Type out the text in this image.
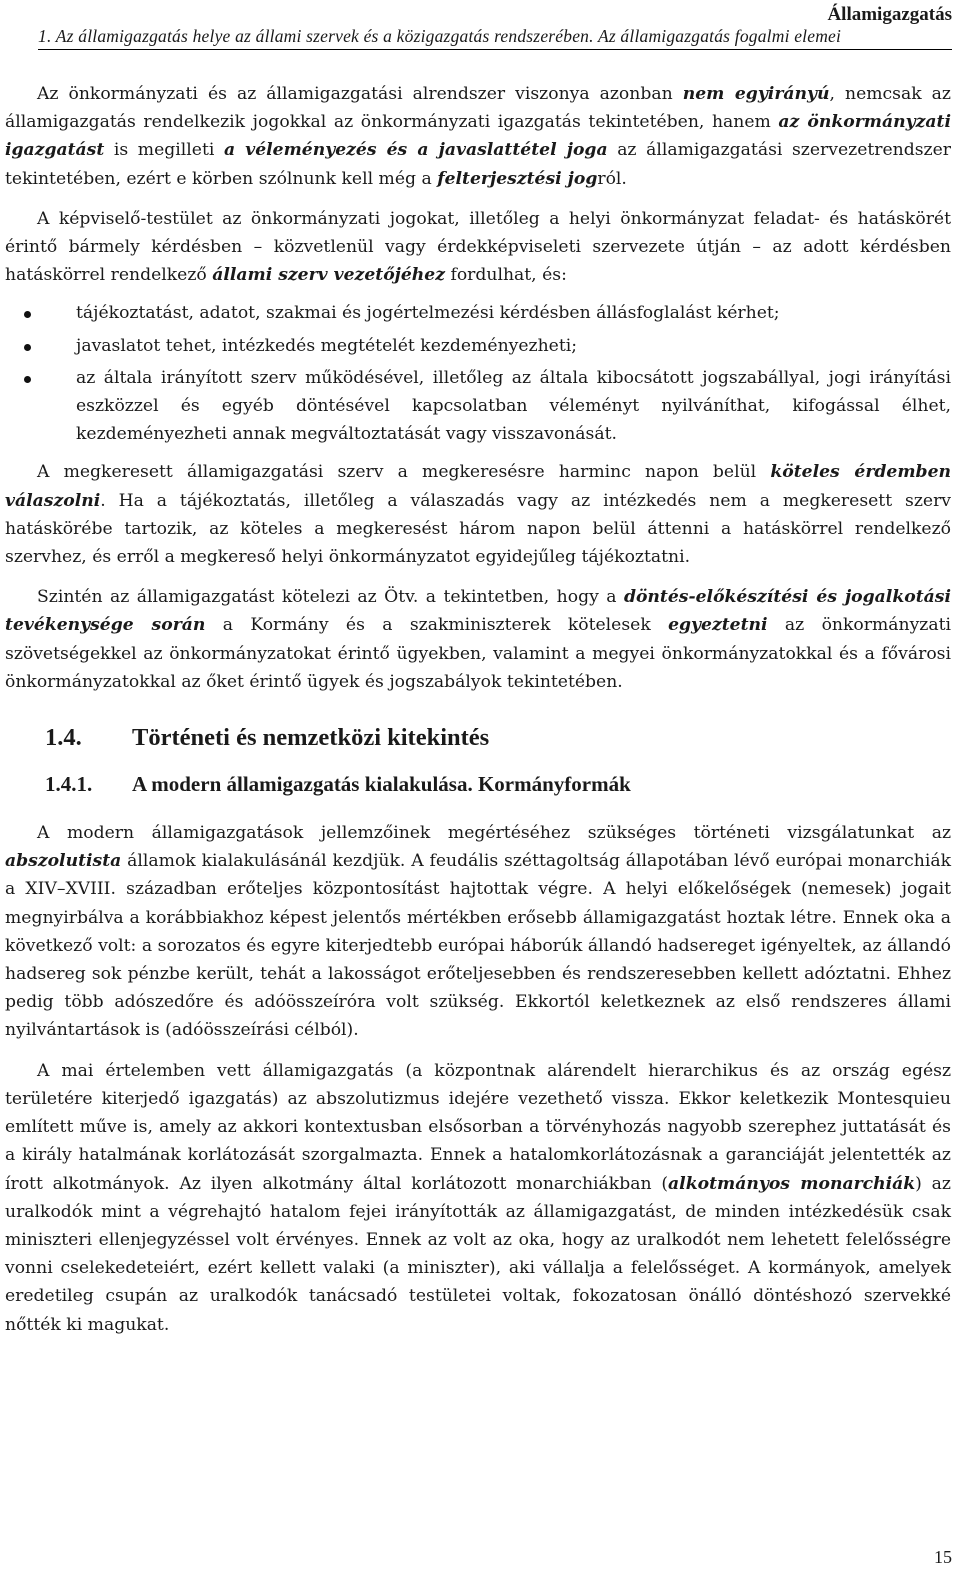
Államigazgatás
1. Az államigazgatás helye az állami szervek és a közigazgatás rendszerében. Az államigazgatás fogalmi elemei

Az önkormányzati és az államigazgatási alrendszer viszonya azonban nem egyirányú, nemcsak az államigazgatás rendelkezik jogokkal az önkormányzati igazgatás tekintetében, hanem az önkormányzati igazgatást is megilleti a véleményezés és a javaslattétel joga az államigazgatási szervezetrendszer tekintetében, ezért e körben szólnunk kell még a felterjesztési jogról.

A képviselő-testület az önkormányzati jogokat, illetőleg a helyi önkormányzat feladat- és hatáskörét érintő bármely kérdésben – közvetlenül vagy érdekképviseleti szervezete útján – az adott kérdésben hatáskörrel rendelkező állami szerv vezetőjéhez fordulhat, és:

tájékoztatást, adatot, szakmai és jogértelmezési kérdésben állásfoglalást kérhet;
javaslatot tehet, intézkedés megtételét kezdeményezheti;
az általa irányított szerv működésével, illetőleg az általa kibocsátott jogszabállyal, jogi irányítási eszközzel és egyéb döntésével kapcsolatban véleményt nyilváníthat, kifogással élhet, kezdeményezheti annak megváltoztatását vagy visszavonását.

A megkeresett államigazgatási szerv a megkeresésre harminc napon belül köteles érdemben válaszolni. Ha a tájékoztatás, illetőleg a válaszadás vagy az intézkedés nem a megkeresett szerv hatáskörébe tartozik, az köteles a megkeresést három napon belül áttenni a hatáskörrel rendelkező szervhez, és erről a megkereső helyi önkormányzatot egyidejűleg tájékoztatni.

Szintén az államigazgatást kötelezi az Ötv. a tekintetben, hogy a döntés-előkészítési és jogalkotási tevékenysége során a Kormány és a szakminiszterek kötelesek egyeztetni az önkormányzati szövetségekkel az önkormányzatokat érintő ügyekben, valamint a megyei önkormányzatokkal és a fővárosi önkormányzatokkal az őket érintő ügyek és jogszabályok tekintetében.

1.4. Történeti és nemzetközi kitekintés
1.4.1. A modern államigazgatás kialakulása. Kormányformák

A modern államigazgatások jellemzőinek megértéséhez szükséges történeti vizsgálatunkat az abszolutista államok kialakulásánál kezdjük. A feudális széttagoltság állapotában lévő európai monarchiák a XIV–XVIII. században erőteljes központosítást hajtottak végre. A helyi előkelőségek (nemesek) jogait megnyirbálva a korábbiakhoz képest jelentős mértékben erősebb államigazgatást hoztak létre. Ennek oka a következő volt: a sorozatos és egyre kiterjedtebb európai háborúk állandó hadsereget igényeltek, az állandó hadsereg sok pénzbe került, tehát a lakosságot erőteljesebben és rendszeresebben kellett adóztatni. Ehhez pedig több adószedőre és adóösszeíróra volt szükség. Ekkortól keletkeznek az első rendszeres állami nyilvántartások is (adóösszeírási célból).

A mai értelemben vett államigazgatás (a központnak alárendelt hierarchikus és az ország egész területére kiterjedő igazgatás) az abszolutizmus idejére vezethető vissza. Ekkor keletkezik Montesquieu említett műve is, amely az akkori kontextusban elsősorban a törvényhozás nagyobb szerephez juttatását és a király hatalmának korlátozását szorgalmazta. Ennek a hatalomkorlátozásnak a garanciáját jelentették az írott alkotmányok. Az ilyen alkotmány által korlátozott monarchiákban (alkotmányos monarchiák) az uralkodók mint a végrehajtó hatalom fejei irányították az államigazgatást, de minden intézkedésük csak miniszteri ellenjegyzéssel volt érvényes. Ennek az volt az oka, hogy az uralkodót nem lehetett felelősségre vonni cselekedeteiért, ezért kellett valaki (a miniszter), aki vállalja a felelősséget. A kormányok, amelyek eredetileg csupán az uralkodók tanácsadó testületei voltak, fokozatosan önálló döntéshozó szervekké nőtték ki magukat.

15
